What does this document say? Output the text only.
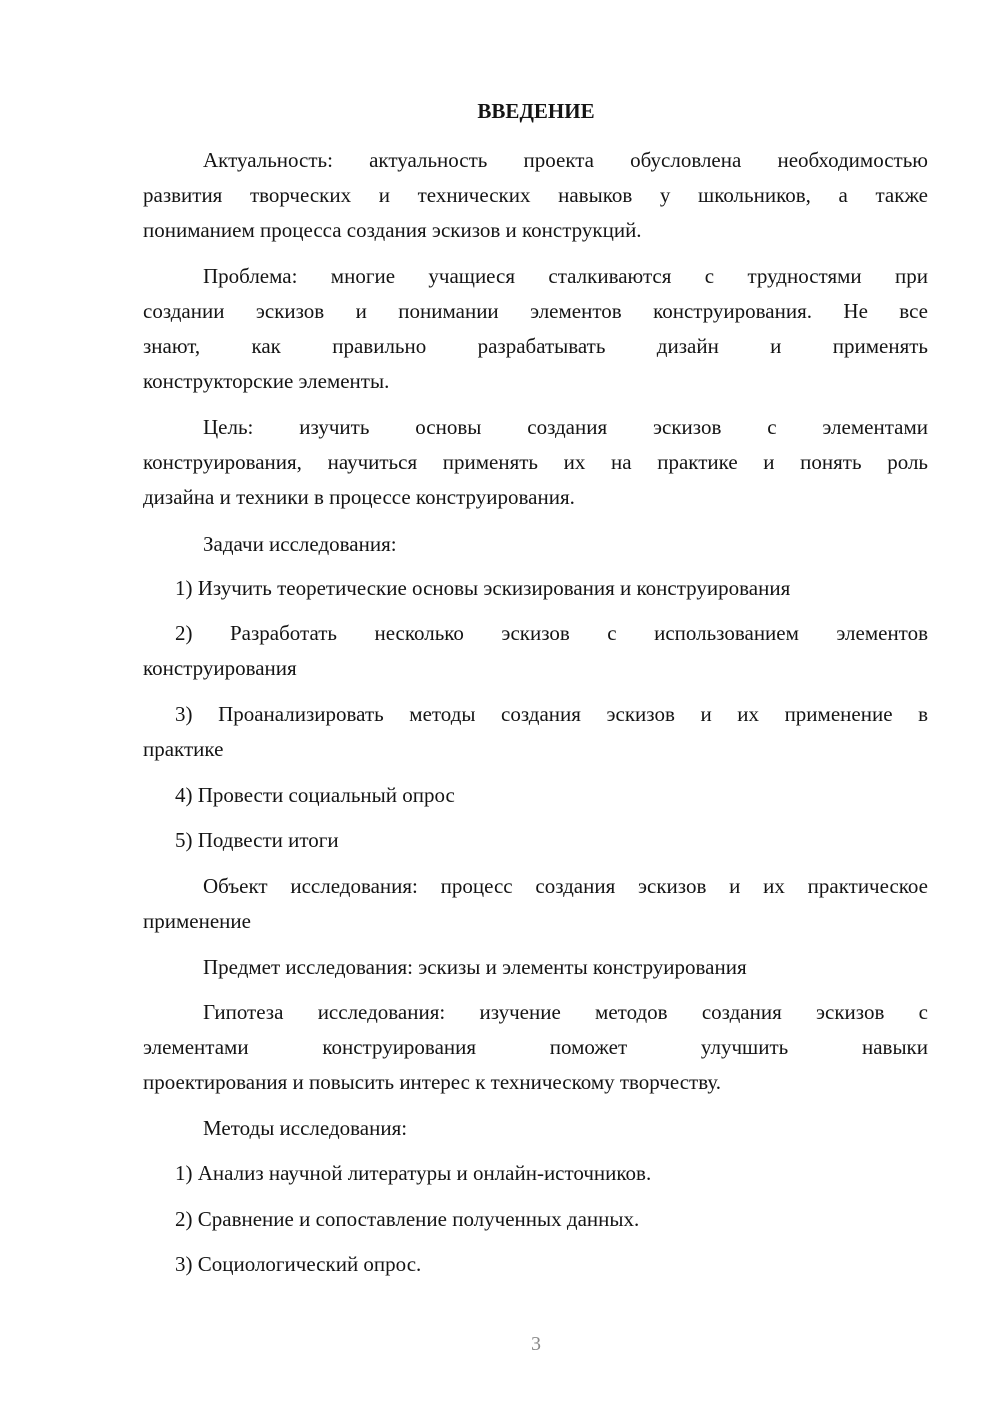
ВВЕДЕНИЕ
Актуальность: актуальность проекта обусловлена необходимостью
развития творческих и технических навыков у школьников, а также
пониманием процесса создания эскизов и конструкций.
Проблема: многие учащиеся сталкиваются с трудностями при
создании эскизов и понимании элементов конструирования. Не все
знают, как правильно разрабатывать дизайн и применять
конструкторские элементы.
Цель: изучить основы создания эскизов с элементами
конструирования, научиться применять их на практике и понять роль
дизайна и техники в процессе конструирования.
Задачи исследования:
1) Изучить теоретические основы эскизирования и конструирования
2) Разработать несколько эскизов с использованием элементов
конструирования
3) Проанализировать методы создания эскизов и их применение в
практике
4) Провести социальный опрос
5) Подвести итоги
Объект исследования: процесс создания эскизов и их практическое
применение
Предмет исследования: эскизы и элементы конструирования
Гипотеза исследования: изучение методов создания эскизов с
элементами конструирования поможет улучшить навыки
проектирования и повысить интерес к техническому творчеству.
Методы исследования:
1) Анализ научной литературы и онлайн-источников.
2) Сравнение и сопоставление полученных данных.
3) Социологический опрос.
3
